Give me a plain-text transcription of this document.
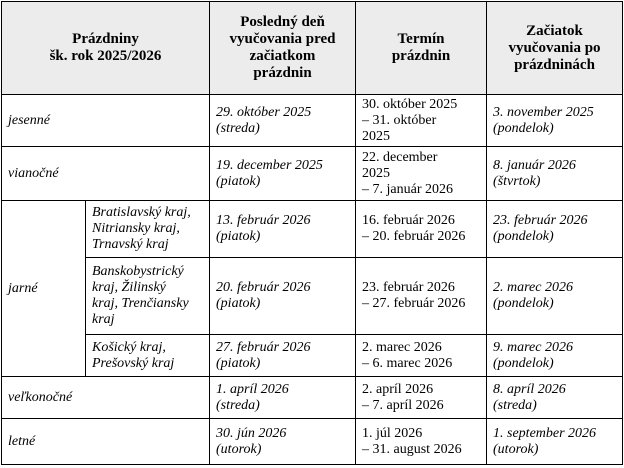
Prázdniny
šk. rok 2025/2026		Posledný deň
vyučovania pred
začiatkom
prázdnin	Termín
prázdnin	Začiatok
vyučovania po
prázdninách

jesenné		29. október 2025
(streda)	30. október 2025
– 31. október
2025	3. november 2025
(pondelok)

vianočné		19. december 2025
(piatok)	22. december
2025
– 7. január 2026	8. január 2026
(štvrtok)

jarné	Bratislavský kraj,
Nitriansky kraj,
Trnavský kraj	13. február 2026
(piatok)	16. február 2026
– 20. február 2026	23. február 2026
(pondelok)

	Banskobystrický
kraj, Žilinský
kraj, Trenčiansky
kraj	20. február 2026
(piatok)	23. február 2026
– 27. február 2026	2. marec 2026
(pondelok)

	Košický kraj,
Prešovský kraj	27. február 2026
(piatok)	2. marec 2026
– 6. marec 2026	9. marec 2026
(pondelok)

veľkonočné		1. apríl 2026
(streda)	2. apríl 2026
– 7. apríl 2026	8. apríl 2026
(streda)

letné		30. jún 2026
(utorok)	1. júl 2026
– 31. august 2026	1. september 2026
(utorok)
